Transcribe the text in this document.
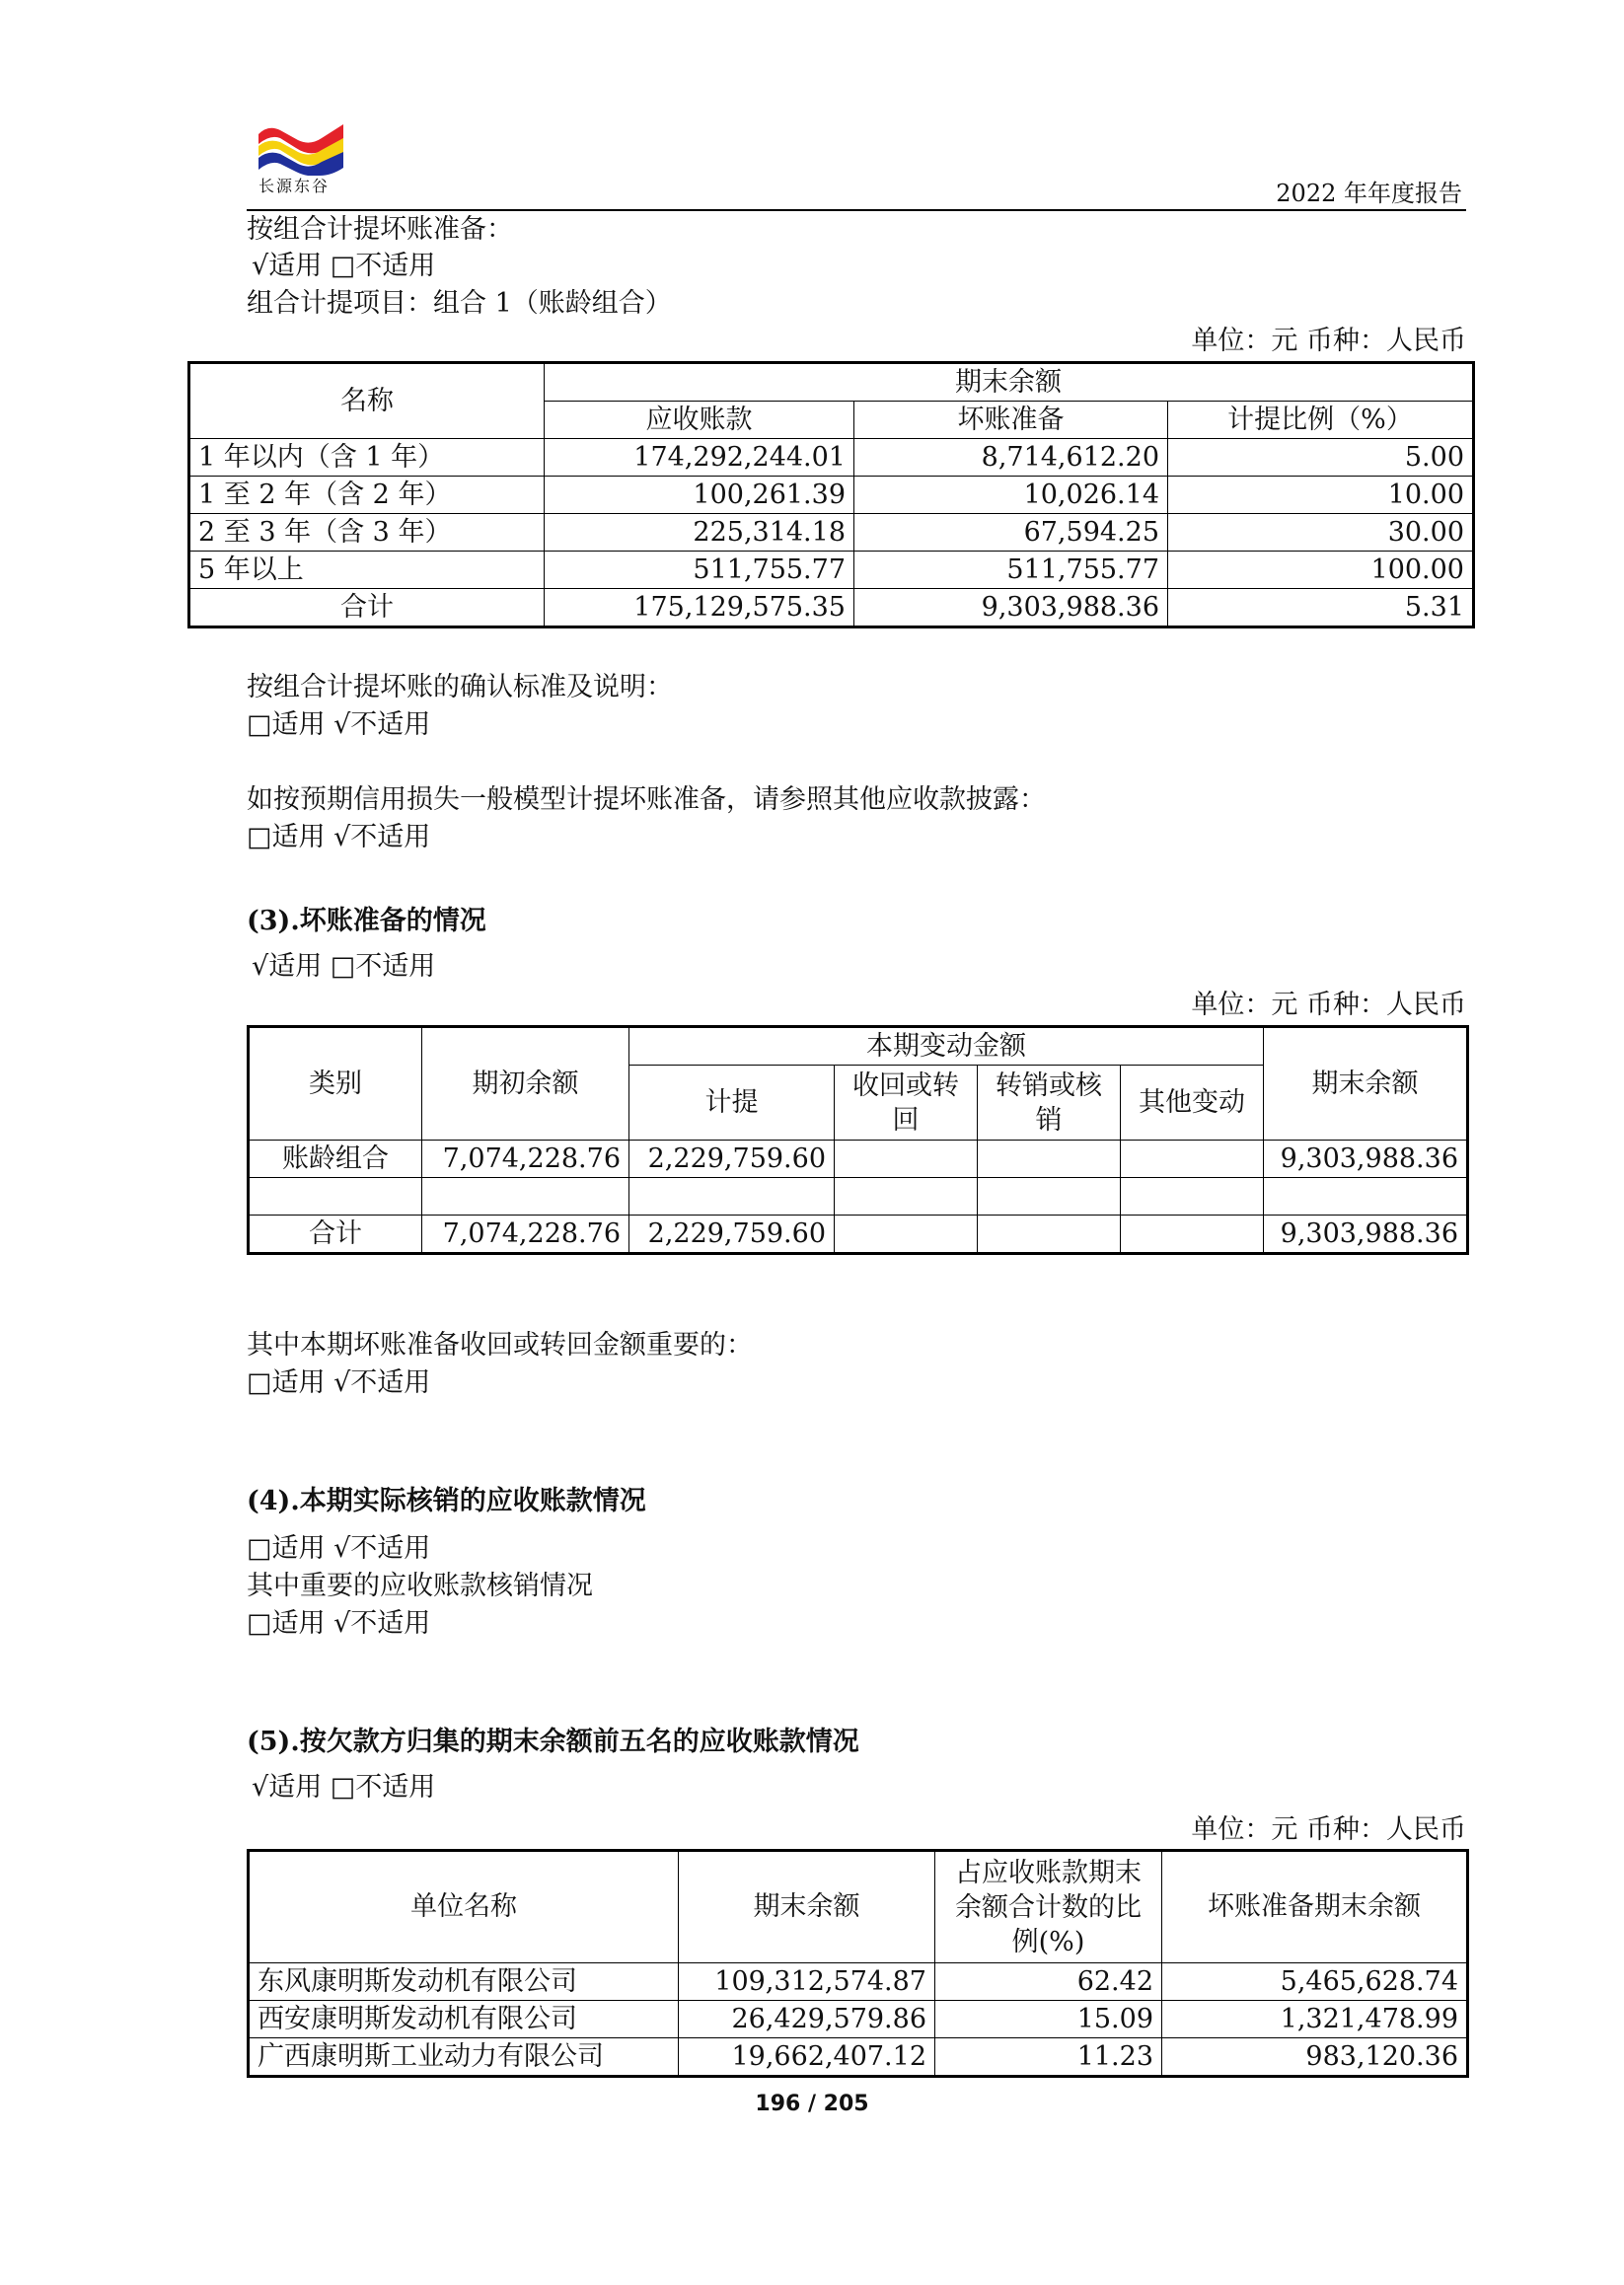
长源东谷	2022 年年度报告
按组合计提坏账准备：
√适用 □不适用
组合计提项目：组合 1（账龄组合）
单位：元 币种：人民币
名称	期末余额		
	应收账款	坏账准备	计提比例（%）
1 年以内（含 1 年）	174,292,244.01	8,714,612.20	5.00
1 至 2 年（含 2 年）	100,261.39	10,026.14	10.00
2 至 3 年（含 3 年）	225,314.18	67,594.25	30.00
5 年以上	511,755.77	511,755.77	100.00
合计	175,129,575.35	9,303,988.36	5.31
按组合计提坏账的确认标准及说明：
□适用 √不适用
如按预期信用损失一般模型计提坏账准备，请参照其他应收款披露：
□适用 √不适用
(3).坏账准备的情况
√适用 □不适用
单位：元 币种：人民币
类别	期初余额	本期变动金额				期末余额
		计提	收回或转回	转销或核销	其他变动	
账龄组合	7,074,228.76	2,229,759.60				9,303,988.36

合计	7,074,228.76	2,229,759.60				9,303,988.36
其中本期坏账准备收回或转回金额重要的：
□适用 √不适用
(4).本期实际核销的应收账款情况
□适用 √不适用
其中重要的应收账款核销情况
□适用 √不适用
(5).按欠款方归集的期末余额前五名的应收账款情况
√适用 □不适用
单位：元 币种：人民币
单位名称	期末余额	占应收账款期末余额合计数的比例(%)	坏账准备期末余额
东风康明斯发动机有限公司	109,312,574.87	62.42	5,465,628.74
西安康明斯发动机有限公司	26,429,579.86	15.09	1,321,478.99
广西康明斯工业动力有限公司	19,662,407.12	11.23	983,120.36
196 / 205
